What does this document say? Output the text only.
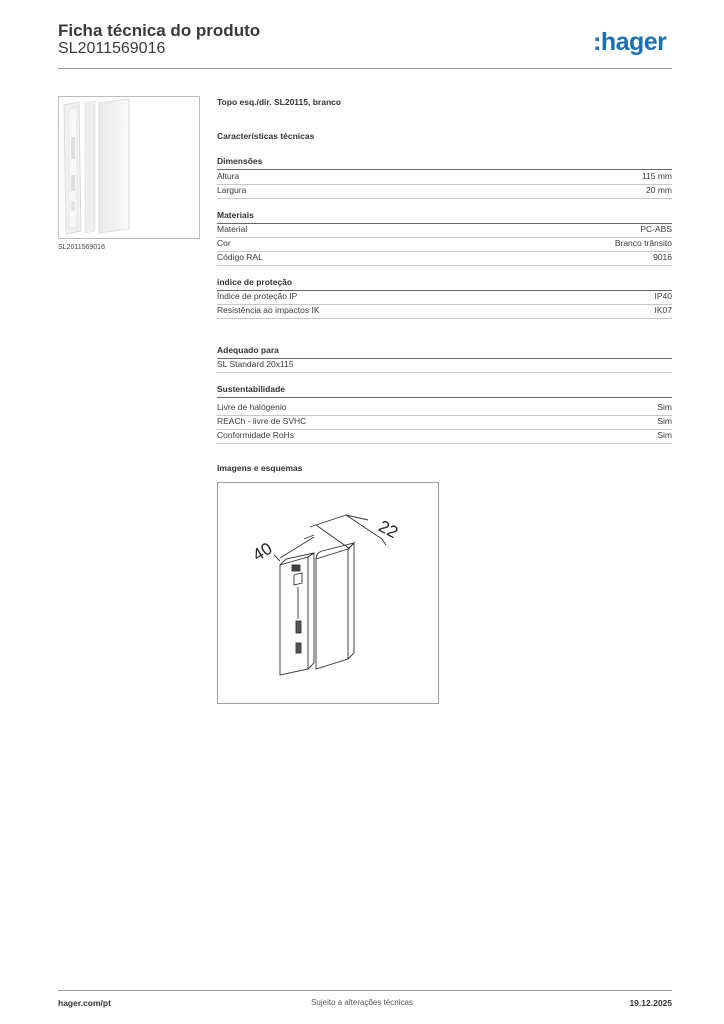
Ficha técnica do produto
SL2011569016	:hager
SL2011569016
Topo esq./dir. SL20115, branco
Características técnicas
Dimensões
Altura	115 mm
Largura	20 mm
Materiais
Material	PC-ABS
Cor	Branco trânsito
Código RAL	9016
índice de proteção
Índice de proteção IP	IP40
Resistência ao impactos IK	IK07
Adequado para
SL Standard 20x115
Sustentabilidade
Livre de halógenio	Sim
REACh - livre de SVHC	Sim
Conformidade RoHs	Sim
Imagens e esquemas
40
22
hager.com/pt	Sujeito a alterações técnicas	19.12.2025
